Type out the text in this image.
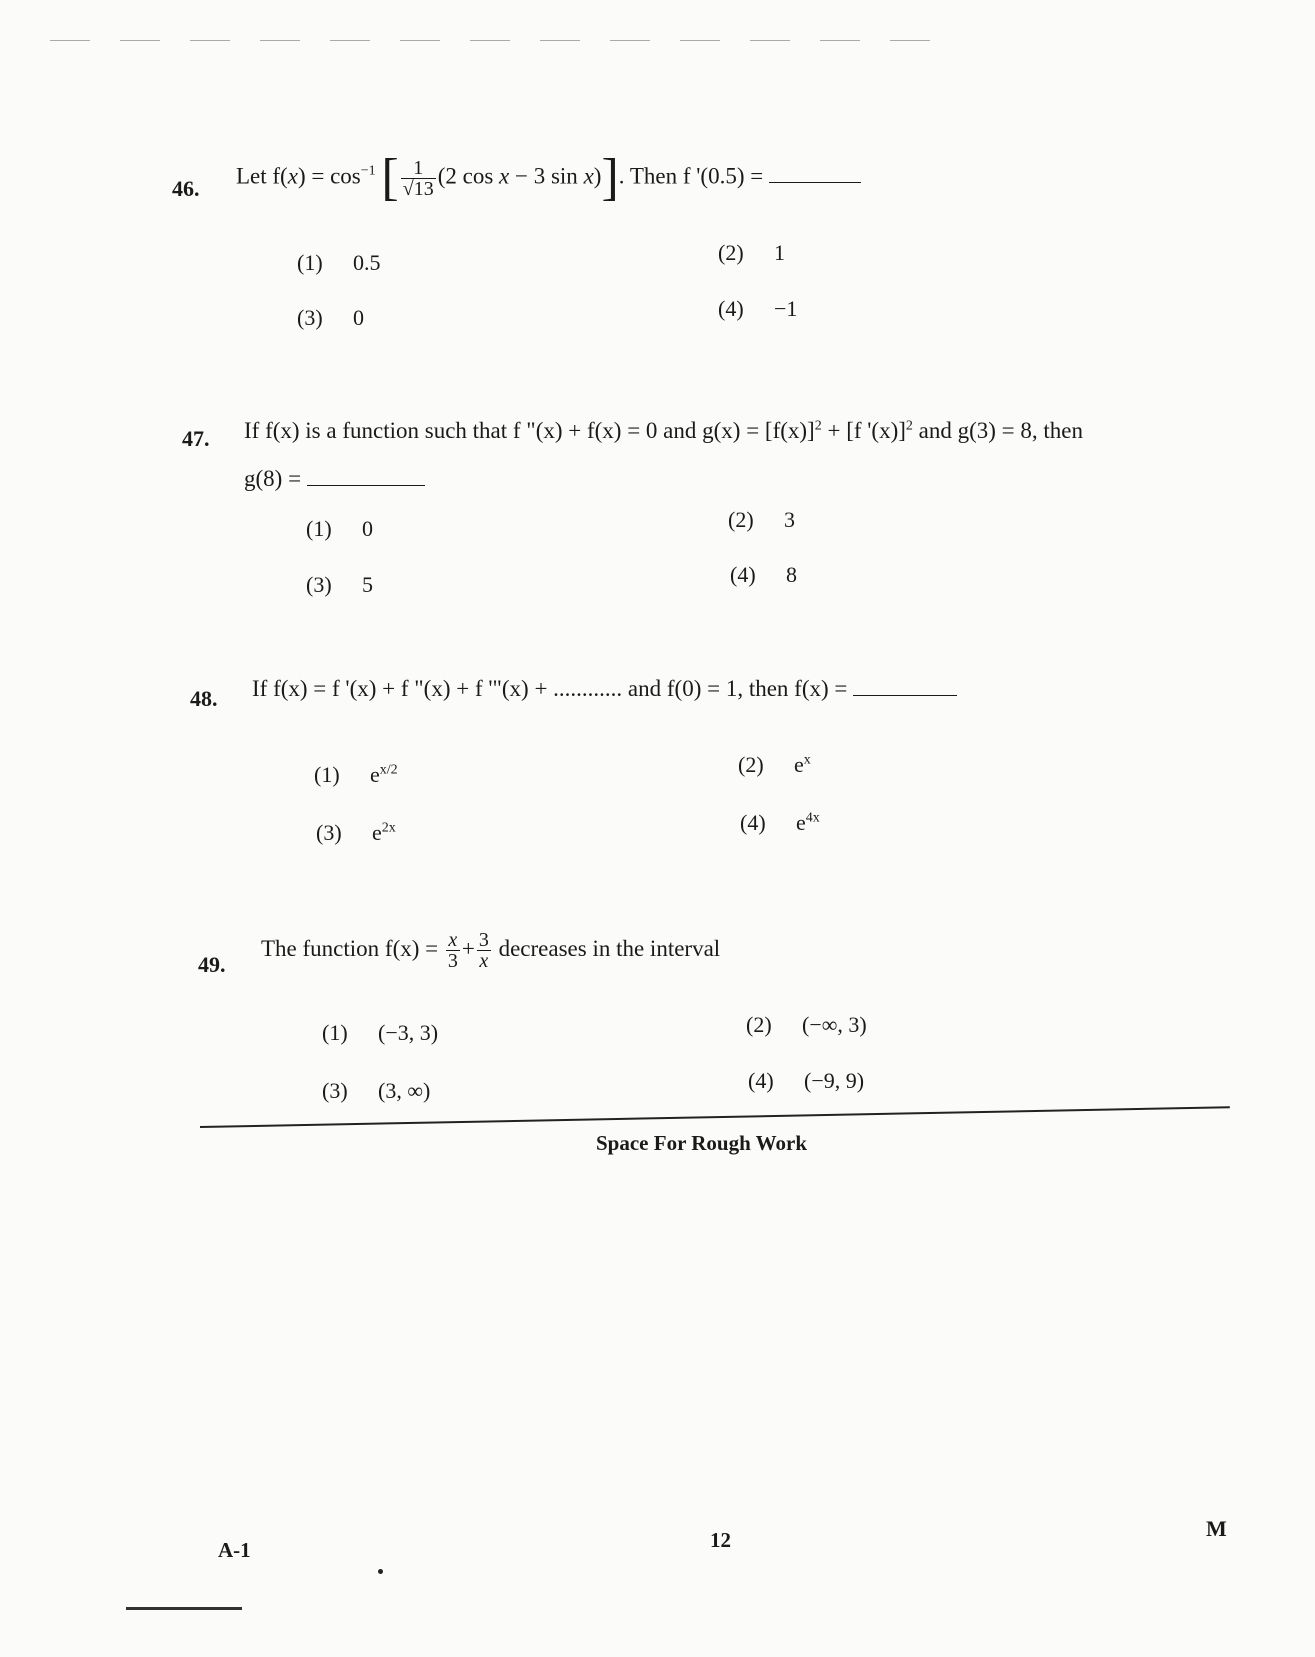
46.
Let $f(x) = \cos^{-1}$ [ $\frac{1}{√13} (2$ cos x − 3 sin x)]. Then f '(0.5) =
(1) 0.5	(2) 1
(3) 0	(4) −1
47. If f(x) is a function such that f "(x) + f(x) = 0 and $g(x) = [f(x)]^2 + [f$ '(x)]$^2$ and g(3) = 8, then
g(8) =
(1) 0	(2) 3
(3) 5	(4) 8
48. If f(x) = f '(x) + f "(x) + f '"(x) + ............ and f(0) = 1, then f(x) =
(1) $e^{x/2}$	(2) $e^x$
(3) $e^{2x}$	(4) $e^{4x}$
49.
The function $f(x) = \frac{x}{3} + \frac{3}{x}$ decreases in the interval
(1) (−3, 3)	(2) (−∞, 3)
(3) (3, ∞)	(4) (−9, 9)
Space For Rough Work
A-1	12	M
